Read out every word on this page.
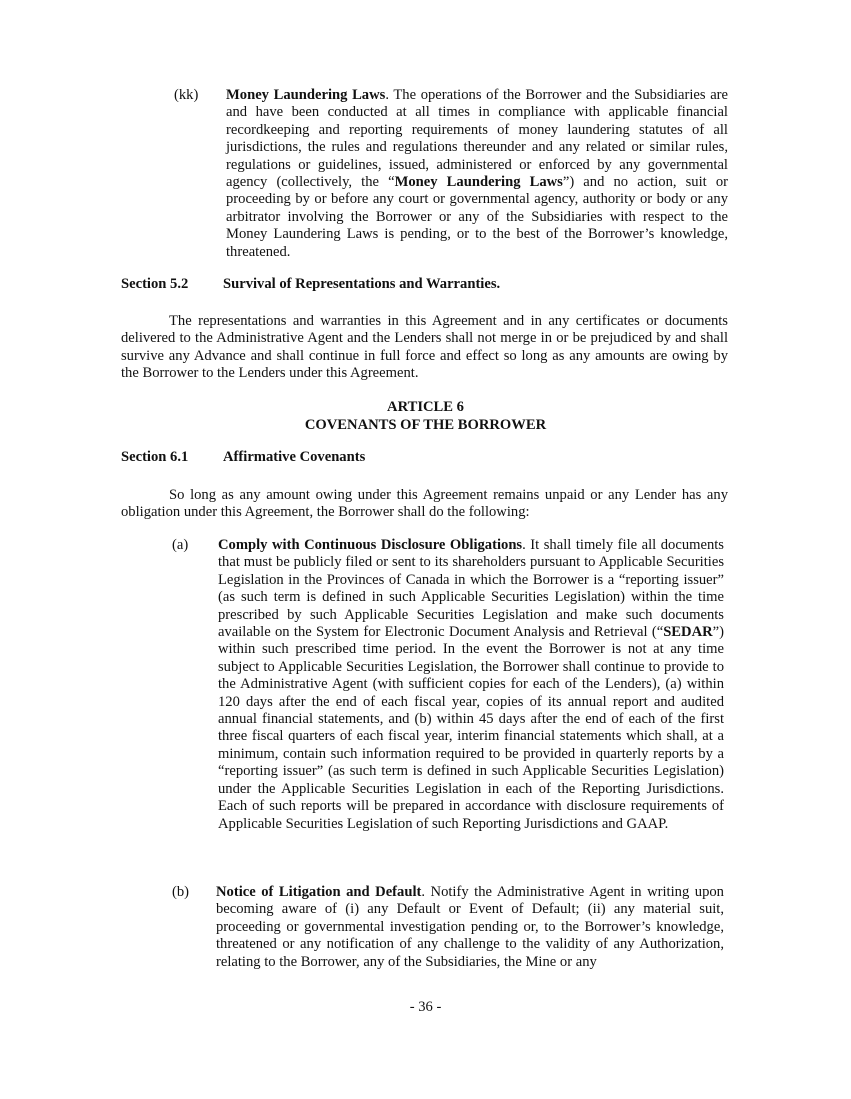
(kk) Money Laundering Laws. The operations of the Borrower and the Subsidiaries are and have been conducted at all times in compliance with applicable financial recordkeeping and reporting requirements of money laundering statutes of all jurisdictions, the rules and regulations thereunder and any related or similar rules, regulations or guidelines, issued, administered or enforced by any governmental agency (collectively, the “Money Laundering Laws”) and no action, suit or proceeding by or before any court or governmental agency, authority or body or any arbitrator involving the Borrower or any of the Subsidiaries with respect to the Money Laundering Laws is pending, or to the best of the Borrower’s knowledge, threatened.
Section 5.2 Survival of Representations and Warranties.
The representations and warranties in this Agreement and in any certificates or documents delivered to the Administrative Agent and the Lenders shall not merge in or be prejudiced by and shall survive any Advance and shall continue in full force and effect so long as any amounts are owing by the Borrower to the Lenders under this Agreement.
ARTICLE 6
COVENANTS OF THE BORROWER
Section 6.1 Affirmative Covenants
So long as any amount owing under this Agreement remains unpaid or any Lender has any obligation under this Agreement, the Borrower shall do the following:
(a) Comply with Continuous Disclosure Obligations. It shall timely file all documents that must be publicly filed or sent to its shareholders pursuant to Applicable Securities Legislation in the Provinces of Canada in which the Borrower is a “reporting issuer” (as such term is defined in such Applicable Securities Legislation) within the time prescribed by such Applicable Securities Legislation and make such documents available on the System for Electronic Document Analysis and Retrieval (“SEDAR”) within such prescribed time period. In the event the Borrower is not at any time subject to Applicable Securities Legislation, the Borrower shall continue to provide to the Administrative Agent (with sufficient copies for each of the Lenders), (a) within 120 days after the end of each fiscal year, copies of its annual report and audited annual financial statements, and (b) within 45 days after the end of each of the first three fiscal quarters of each fiscal year, interim financial statements which shall, at a minimum, contain such information required to be provided in quarterly reports by a “reporting issuer” (as such term is defined in such Applicable Securities Legislation) under the Applicable Securities Legislation in each of the Reporting Jurisdictions. Each of such reports will be prepared in accordance with disclosure requirements of Applicable Securities Legislation of such Reporting Jurisdictions and GAAP.
(b) Notice of Litigation and Default. Notify the Administrative Agent in writing upon becoming aware of (i) any Default or Event of Default; (ii) any material suit, proceeding or governmental investigation pending or, to the Borrower’s knowledge, threatened or any notification of any challenge to the validity of any Authorization, relating to the Borrower, any of the Subsidiaries, the Mine or any
- 36 -
